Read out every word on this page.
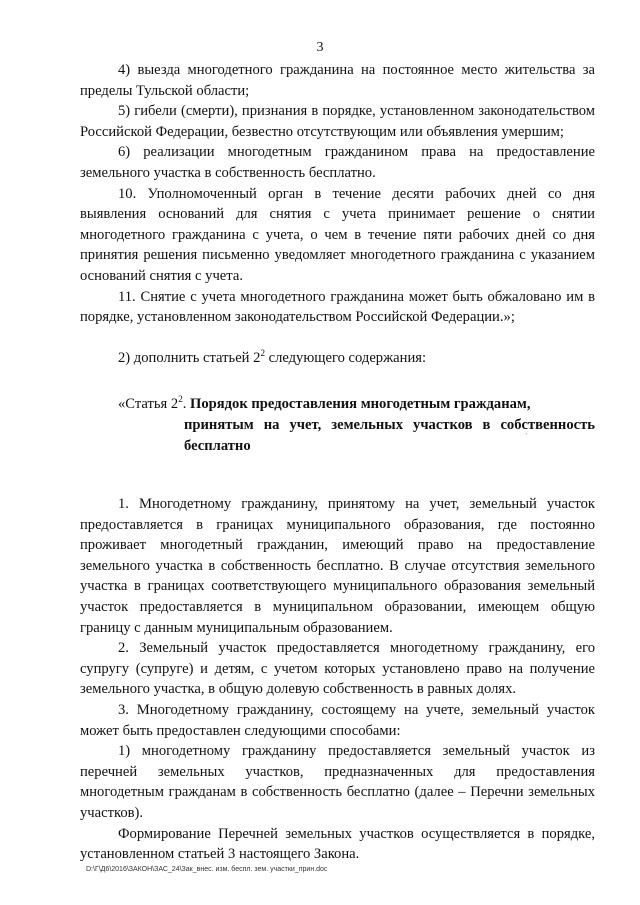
3

4) выезда многодетного гражданина на постоянное место жительства за пределы Тульской области;

5) гибели (смерти), признания в порядке, установленном законодательством Российской Федерации, безвестно отсутствующим или объявления умершим;

6) реализации многодетным гражданином права на предоставление земельного участка в собственность бесплатно.

10. Уполномоченный орган в течение десяти рабочих дней со дня выявления оснований для снятия с учета принимает решение о снятии многодетного гражданина с учета, о чем в течение пяти рабочих дней со дня принятия решения письменно уведомляет многодетного гражданина с указанием оснований снятия с учета.

11. Снятие с учета многодетного гражданина может быть обжаловано им в порядке, установленном законодательством Российской Федерации.»;

2) дополнить статьей $2^2$ следующего содержания:

«Статья $2^2$. Порядок предоставления многодетным гражданам,
принятым на учет, земельных участков в собственность бесплатно

1. Многодетному гражданину, принятому на учет, земельный участок предоставляется в границах муниципального образования, где постоянно проживает многодетный гражданин, имеющий право на предоставление земельного участка в собственность бесплатно. В случае отсутствия земельного участка в границах соответствующего муниципального образования земельный участок предоставляется в муниципальном образовании, имеющем общую границу с данным муниципальным образованием.

2. Земельный участок предоставляется многодетному гражданину, его супругу (супруге) и детям, с учетом которых установлено право на получение земельного участка, в общую долевую собственность в равных долях.

3. Многодетному гражданину, состоящему на учете, земельный участок может быть предоставлен следующими способами:

1) многодетному гражданину предоставляется земельный участок из перечней земельных участков, предназначенных для предоставления многодетным гражданам в собственность бесплатно (далее – Перечни земельных участков).

Формирование Перечней земельных участков осуществляется в порядке, установленном статьей 3 настоящего Закона.

`
D:\Г\Д6\2016\ЗАКОН\ЗАС_24\Зак_внес. изм. беспл. зем. участки_прин.doc
